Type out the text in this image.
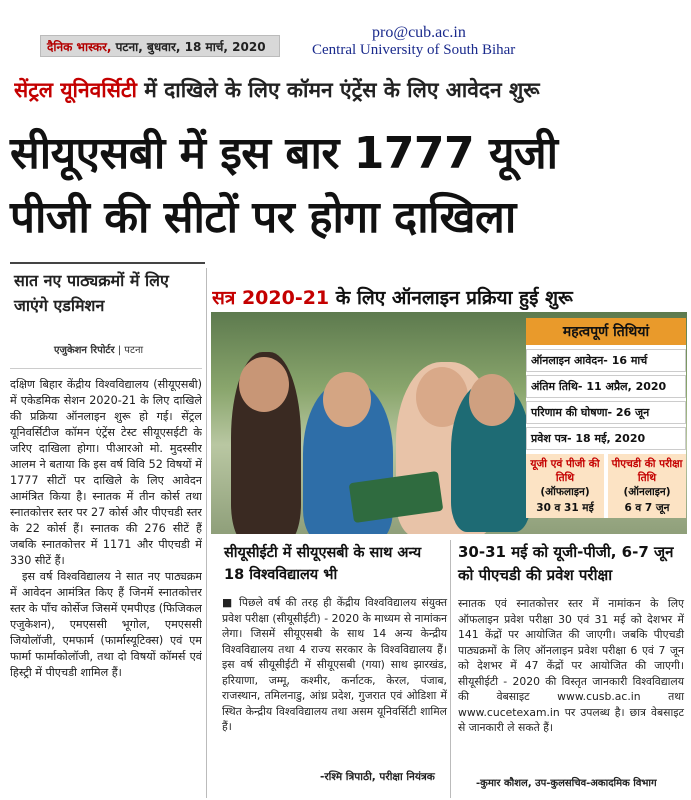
दैनिक भास्कर, पटना, बुधवार, 18 मार्च, 2020
pro@cub.ac.in
Central University of South Bihar
सेंट्रल यूनिवर्सिटी में दाखिले के लिए कॉमन एंट्रेंस के लिए आवेदन शुरू
सीयूएसबी में इस बार 1777 यूजी
पीजी की सीटों पर होगा दाखिला
सात नए पाठ्यक्रमों में लिए जाएंगे एडमिशन
एजुकेशन रिपोर्टर | पटना

दक्षिण बिहार केंद्रीय विश्वविद्यालय (सीयूएसबी) में एकेडमिक सेशन 2020-21 के लिए दाखिले की प्रक्रिया ऑनलाइन शुरू हो गई। सेंट्रल यूनिवर्सिटीज कॉमन एंट्रेंस टेस्ट सीयूएसईटी के जरिए दाखिला होगा। पीआरओ मो. मुदस्सीर आलम ने बताया कि इस वर्ष विवि 52 विषयों में 1777 सीटों पर दाखिले के लिए आवेदन आमंत्रित किया है। स्नातक में तीन कोर्स तथा स्नातकोत्तर स्तर पर 27 कोर्स और पीएचडी स्तर के 22 कोर्स हैं। स्नातक की 276 सीटें हैं जबकि स्नातकोत्तर में 1171 और पीएचडी में 330 सीटें हैं।

इस वर्ष विश्वविद्यालय ने सात नए पाठ्यक्रम में आवेदन आमंत्रित किए हैं जिनमें स्नातकोत्तर स्तर के पाँच कोर्सेज जिसमें एमपीएड (फिजिकल एजुकेशन), एमएससी भूगोल, एमएससी जियोलॉजी, एमफार्म (फार्मास्यूटिक्स) एवं एम फार्मा फार्माकोलॉजी, तथा दो विषयों कॉमर्स एवं हिस्ट्री में पीएचडी शामिल हैं।

सत्र 2020-21 के लिए ऑनलाइन प्रक्रिया हुई शुरू
महत्वपूर्ण तिथियां
ऑनलाइन आवेदन- 16 मार्च
अंतिम तिथि- 11 अप्रैल, 2020
परिणाम की घोषणा- 26 जून
प्रवेश पत्र- 18 मई, 2020
यूजी एवं पीजी की तिथि
(ऑफलाइन)
30 व 31 मई
पीएचडी की परीक्षा तिथि
(ऑनलाइन)
6 व 7 जून
सीयूसीईटी में सीयूएसबी के साथ अन्य 18 विश्वविद्यालय भी
■ पिछले वर्ष की तरह ही केंद्रीय विश्वविद्यालय संयुक्त प्रवेश परीक्षा (सीयूसीईटी) - 2020 के माध्यम से नामांकन लेगा। जिसमें सीयूएसबी के साथ 14 अन्य केन्द्रीय विश्वविद्यालय तथा 4 राज्य सरकार के विश्वविद्यालय हैं। इस वर्ष सीयूसीईटी में सीयूएसबी (गया) साथ झारखंड, हरियाणा, जम्मू, कश्मीर, कर्नाटक, केरल, पंजाब, राजस्थान, तमिलनाडु, आंध्र प्रदेश, गुजरात एवं ओडिशा में स्थित केन्द्रीय विश्वविद्यालय तथा असम यूनिवर्सिटी शामिल हैं।
-रश्मि त्रिपाठी, परीक्षा नियंत्रक
30-31 मई को यूजी-पीजी, 6-7 जून को पीएचडी की प्रवेश परीक्षा
स्नातक एवं स्नातकोत्तर स्तर में नामांकन के लिए ऑफलाइन प्रवेश परीक्षा 30 एवं 31 मई को देशभर में 141 केंद्रों पर आयोजित की जाएगी। जबकि पीएचडी पाठ्यक्रमों के लिए ऑनलाइन प्रवेश परीक्षा 6 एवं 7 जून को देशभर में 47 केंद्रों पर आयोजित की जाएगी। सीयूसीईटी - 2020 की विस्तृत जानकारी विश्वविद्यालय की वेबसाइट www.cusb.ac.in तथा www.cucetexam.in पर उपलब्ध है। छात्र वेबसाइट से जानकारी ले सकते हैं।
-कुमार कौशल, उप-कुलसचिव-अकादमिक विभाग
